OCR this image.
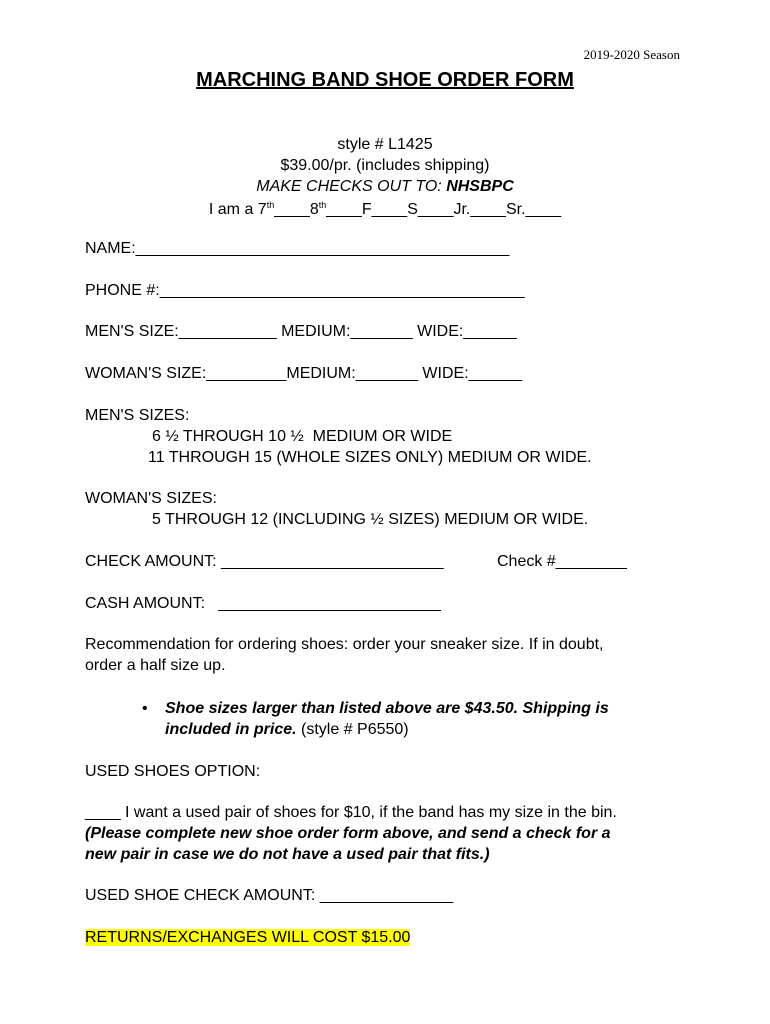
2019-2020 Season
MARCHING BAND SHOE ORDER FORM
style # L1425
$39.00/pr. (includes shipping)
MAKE CHECKS OUT TO: NHSBPC
I am a 7th____8th____F____S____Jr.____Sr.____
NAME:__________________________________________
PHONE #:_________________________________________
MEN'S SIZE:___________ MEDIUM:_______ WIDE:______
WOMAN'S SIZE:_________MEDIUM:_______ WIDE:______
MEN'S SIZES:
6 ½ THROUGH 10 ½  MEDIUM OR WIDE
11 THROUGH 15 (WHOLE SIZES ONLY) MEDIUM OR WIDE.
WOMAN'S SIZES:
5 THROUGH 12 (INCLUDING ½ SIZES) MEDIUM OR WIDE.
CHECK AMOUNT: _________________________	Check #________
CASH AMOUNT:   _________________________
Recommendation for ordering shoes: order your sneaker size. If in doubt,
order a half size up.
• Shoe sizes larger than listed above are $43.50. Shipping is
included in price. (style # P6550)
USED SHOES OPTION:
____ I want a used pair of shoes for $10, if the band has my size in the bin.
(Please complete new shoe order form above, and send a check for a
new pair in case we do not have a used pair that fits.)
USED SHOE CHECK AMOUNT: _______________
RETURNS/EXCHANGES WILL COST $15.00
